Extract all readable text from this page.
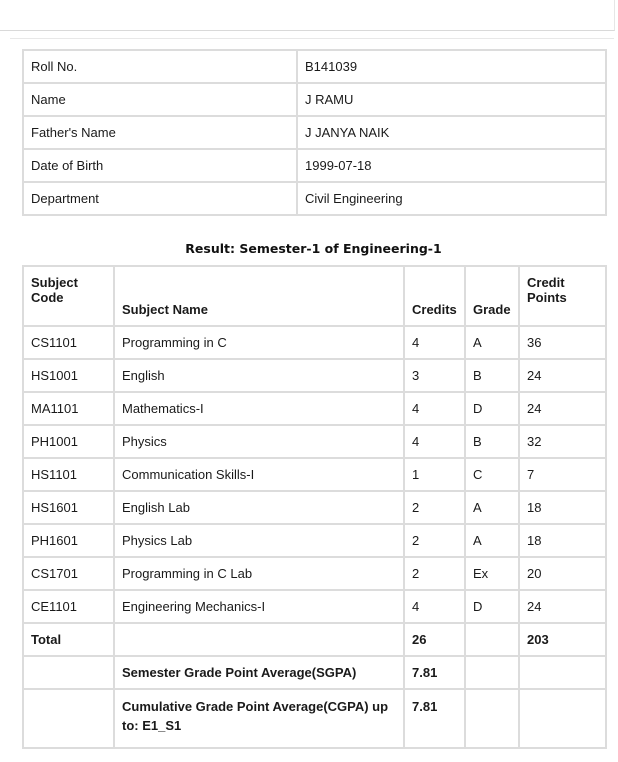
Roll No.	B141039
Name	J RAMU
Father's Name	J JANYA NAIK
Date of Birth	1999-07-18
Department	Civil Engineering
Result: Semester-1 of Engineering-1
Subject Code	Subject Name	Credits	Grade	Credit Points
CS1101	Programming in C	4	A	36
HS1001	English	3	B	24
MA1101	Mathematics-I	4	D	24
PH1001	Physics	4	B	32
HS1101	Communication Skills-I	1	C	7
HS1601	English Lab	2	A	18
PH1601	Physics Lab	2	A	18
CS1701	Programming in C Lab	2	Ex	20
CE1101	Engineering Mechanics-I	4	D	24
Total		26		203
	Semester Grade Point Average(SGPA)	7.81		
	Cumulative Grade Point Average(CGPA) up to: E1_S1	7.81		
